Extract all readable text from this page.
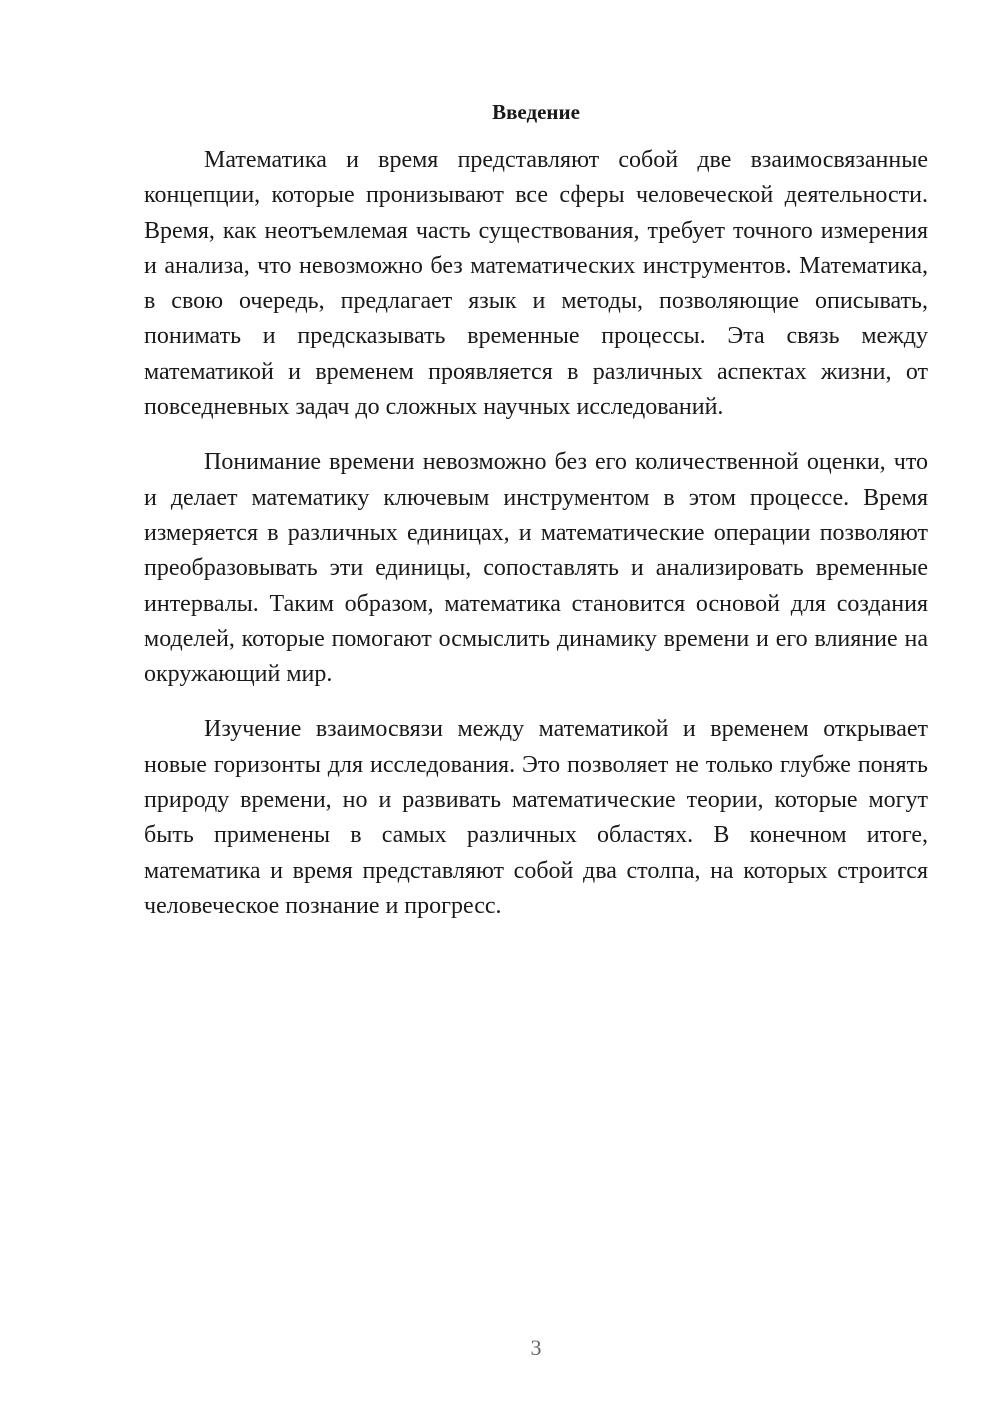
Введение

Математика и время представляют собой две взаимосвязанные концепции, которые пронизывают все сферы человеческой деятельности. Время, как неотъемлемая часть существования, требует точного измерения и анализа, что невозможно без математических инструментов. Математика, в свою очередь, предлагает язык и методы, позволяющие описывать, понимать и предсказывать временные процессы. Эта связь между математикой и временем проявляется в различных аспектах жизни, от повседневных задач до сложных научных исследований.

Понимание времени невозможно без его количественной оценки, что и делает математику ключевым инструментом в этом процессе. Время измеряется в различных единицах, и математические операции позволяют преобразовывать эти единицы, сопоставлять и анализировать временные интервалы. Таким образом, математика становится основой для создания моделей, которые помогают осмыслить динамику времени и его влияние на окружающий мир.

Изучение взаимосвязи между математикой и временем открывает новые горизонты для исследования. Это позволяет не только глубже понять природу времени, но и развивать математические теории, которые могут быть применены в самых различных областях. В конечном итоге, математика и время представляют собой два столпа, на которых строится человеческое познание и прогресс.

3
